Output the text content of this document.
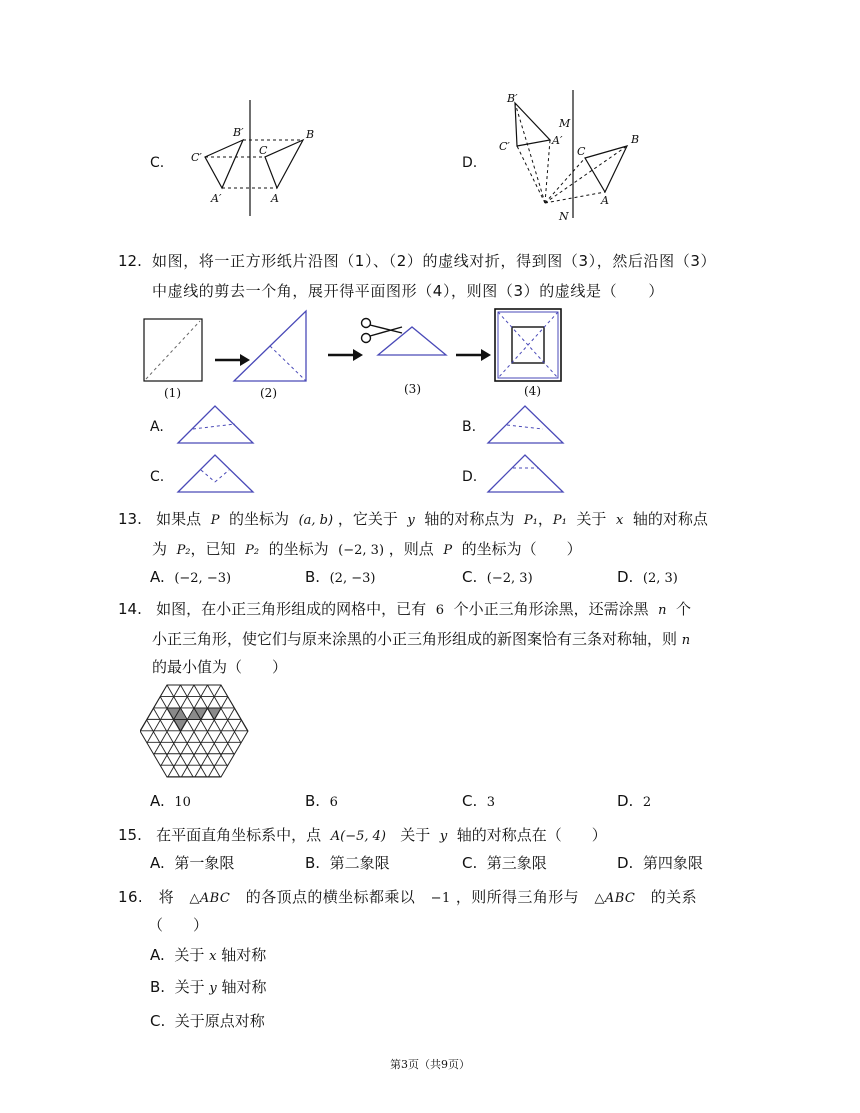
C.
B′	B
C′
C
A′	A
D.
B′
M
C′	A′
C
B
A
N
12. 如图，将一正方形纸片沿图（1）、（2）的虚线对折，得到图（3），然后沿图（3）
中虚线的剪去一个角，展开得平面图形（4），则图（3）的虚线是（　　）
(1)	(2)	(3)	(4)
A.	B.
C.	D.
13. 如果点 P 的坐标为 (a, b) ，它关于 y 轴的对称点为 P₁，P₁ 关于 x 轴的对称点
为 P₂，已知 P₂ 的坐标为 (−2, 3) ，则点 P 的坐标为（　　）
A. (−2, −3)	B. (2, −3)	C. (−2, 3)	D. (2, 3)
14. 如图，在小正三角形组成的网格中，已有 6 个小正三角形涂黑，还需涂黑 n 个
小正三角形，使它们与原来涂黑的小正三角形组成的新图案恰有三条对称轴，则 n
的最小值为（　　）
A. 10	B. 6	C. 3	D. 2
15. 在平面直角坐标系中，点 A(−5, 4) 关于 y 轴的对称点在（　　）
A. 第一象限	B. 第二象限	C. 第三象限	D. 第四象限
16. 将 △ABC 的各顶点的横坐标都乘以 −1 ，则所得三角形与 △ABC 的关系
（　　）
A. 关于 x 轴对称
B. 关于 y 轴对称
C. 关于原点对称
第3页（共9页）
